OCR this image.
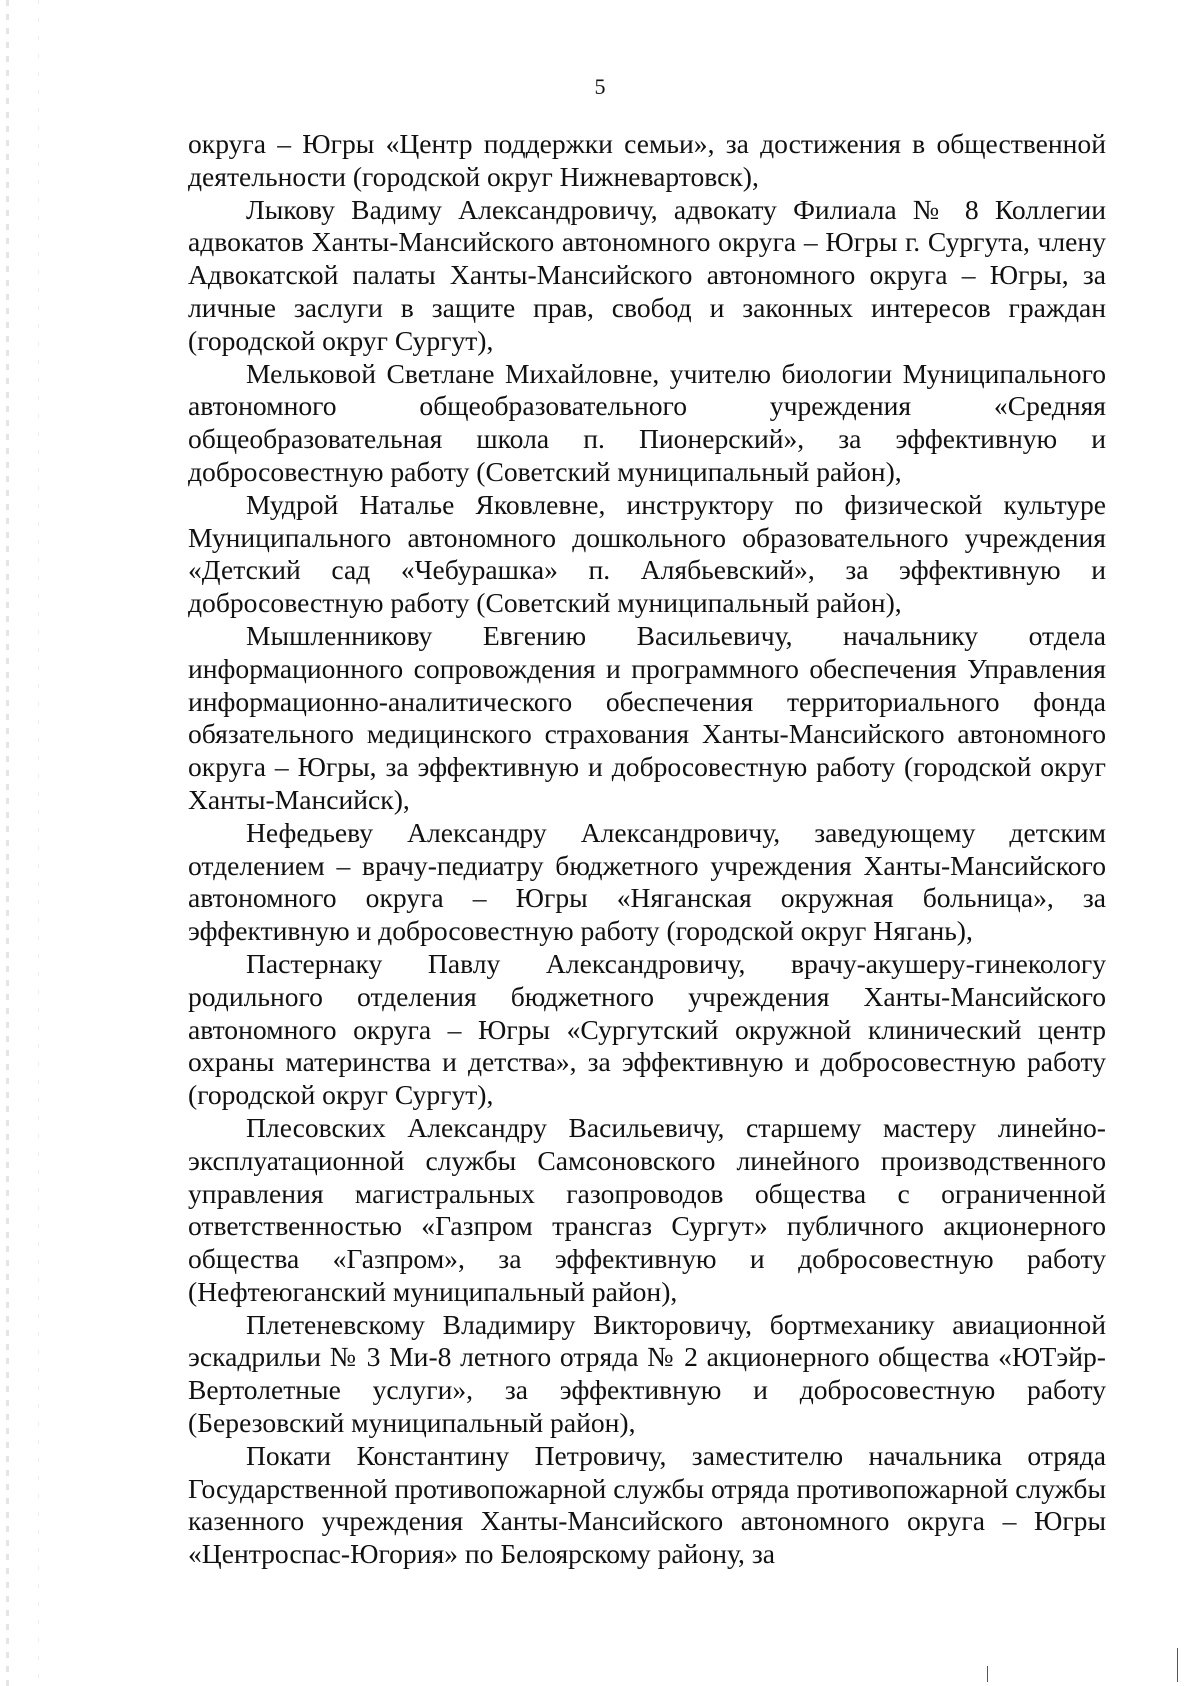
5

округа – Югры «Центр поддержки семьи», за достижения в общественной деятельности (городской округ Нижневартовск),

Лыкову Вадиму Александровичу, адвокату Филиала № 8 Коллегии адвокатов Ханты-Мансийского автономного округа – Югры г. Сургута, члену Адвокатской палаты Ханты-Мансийского автономного округа – Югры, за личные заслуги в защите прав, свобод и законных интересов граждан (городской округ Сургут),

Мельковой Светлане Михайловне, учителю биологии Муниципального автономного общеобразовательного учреждения «Средняя общеобразовательная школа п. Пионерский», за эффективную и добросовестную работу (Советский муниципальный район),

Мудрой Наталье Яковлевне, инструктору по физической культуре Муниципального автономного дошкольного образовательного учреждения «Детский сад «Чебурашка» п. Алябьевский», за эффективную и добросовестную работу (Советский муниципальный район),

Мышленникову Евгению Васильевичу, начальнику отдела информационного сопровождения и программного обеспечения Управления информационно-аналитического обеспечения территориального фонда обязательного медицинского страхования Ханты-Мансийского автономного округа – Югры, за эффективную и добросовестную работу (городской округ Ханты-Мансийск),

Нефедьеву Александру Александровичу, заведующему детским отделением – врачу-педиатру бюджетного учреждения Ханты-Мансийского автономного округа – Югры «Няганская окружная больница», за эффективную и добросовестную работу (городской округ Нягань),

Пастернаку Павлу Александровичу, врачу-акушеру-гинекологу родильного отделения бюджетного учреждения Ханты-Мансийского автономного округа – Югры «Сургутский окружной клинический центр охраны материнства и детства», за эффективную и добросовестную работу (городской округ Сургут),

Плесовских Александру Васильевичу, старшему мастеру линейно-эксплуатационной службы Самсоновского линейного производственного управления магистральных газопроводов общества с ограниченной ответственностью «Газпром трансгаз Сургут» публичного акционерного общества «Газпром», за эффективную и добросовестную работу (Нефтеюганский муниципальный район),

Плетеневскому Владимиру Викторовичу, бортмеханику авиационной эскадрильи № 3 Ми-8 летного отряда № 2 акционерного общества «ЮТэйр-Вертолетные услуги», за эффективную и добросовестную работу (Березовский муниципальный район),

Покати Константину Петровичу, заместителю начальника отряда Государственной противопожарной службы отряда противопожарной службы казенного учреждения Ханты-Мансийского автономного округа – Югры «Центроспас-Югория» по Белоярскому району, за
